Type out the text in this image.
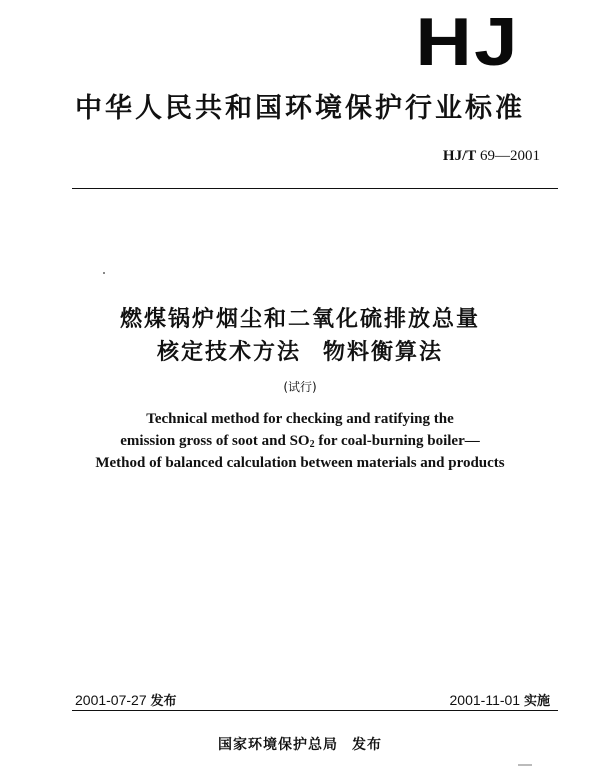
HJ
中华人民共和国环境保护行业标准
HJ/T 69—2001
燃煤锅炉烟尘和二氧化硫排放总量
核定技术方法 物料衡算法
(试行)
Technical method for checking and ratifying the
emission gross of soot and $SO_2$ for coal-burning boiler—
Method of balanced calculation between materials and products
2001-07-27 发布	2001-11-01 实施
国家环境保护总局 发布
